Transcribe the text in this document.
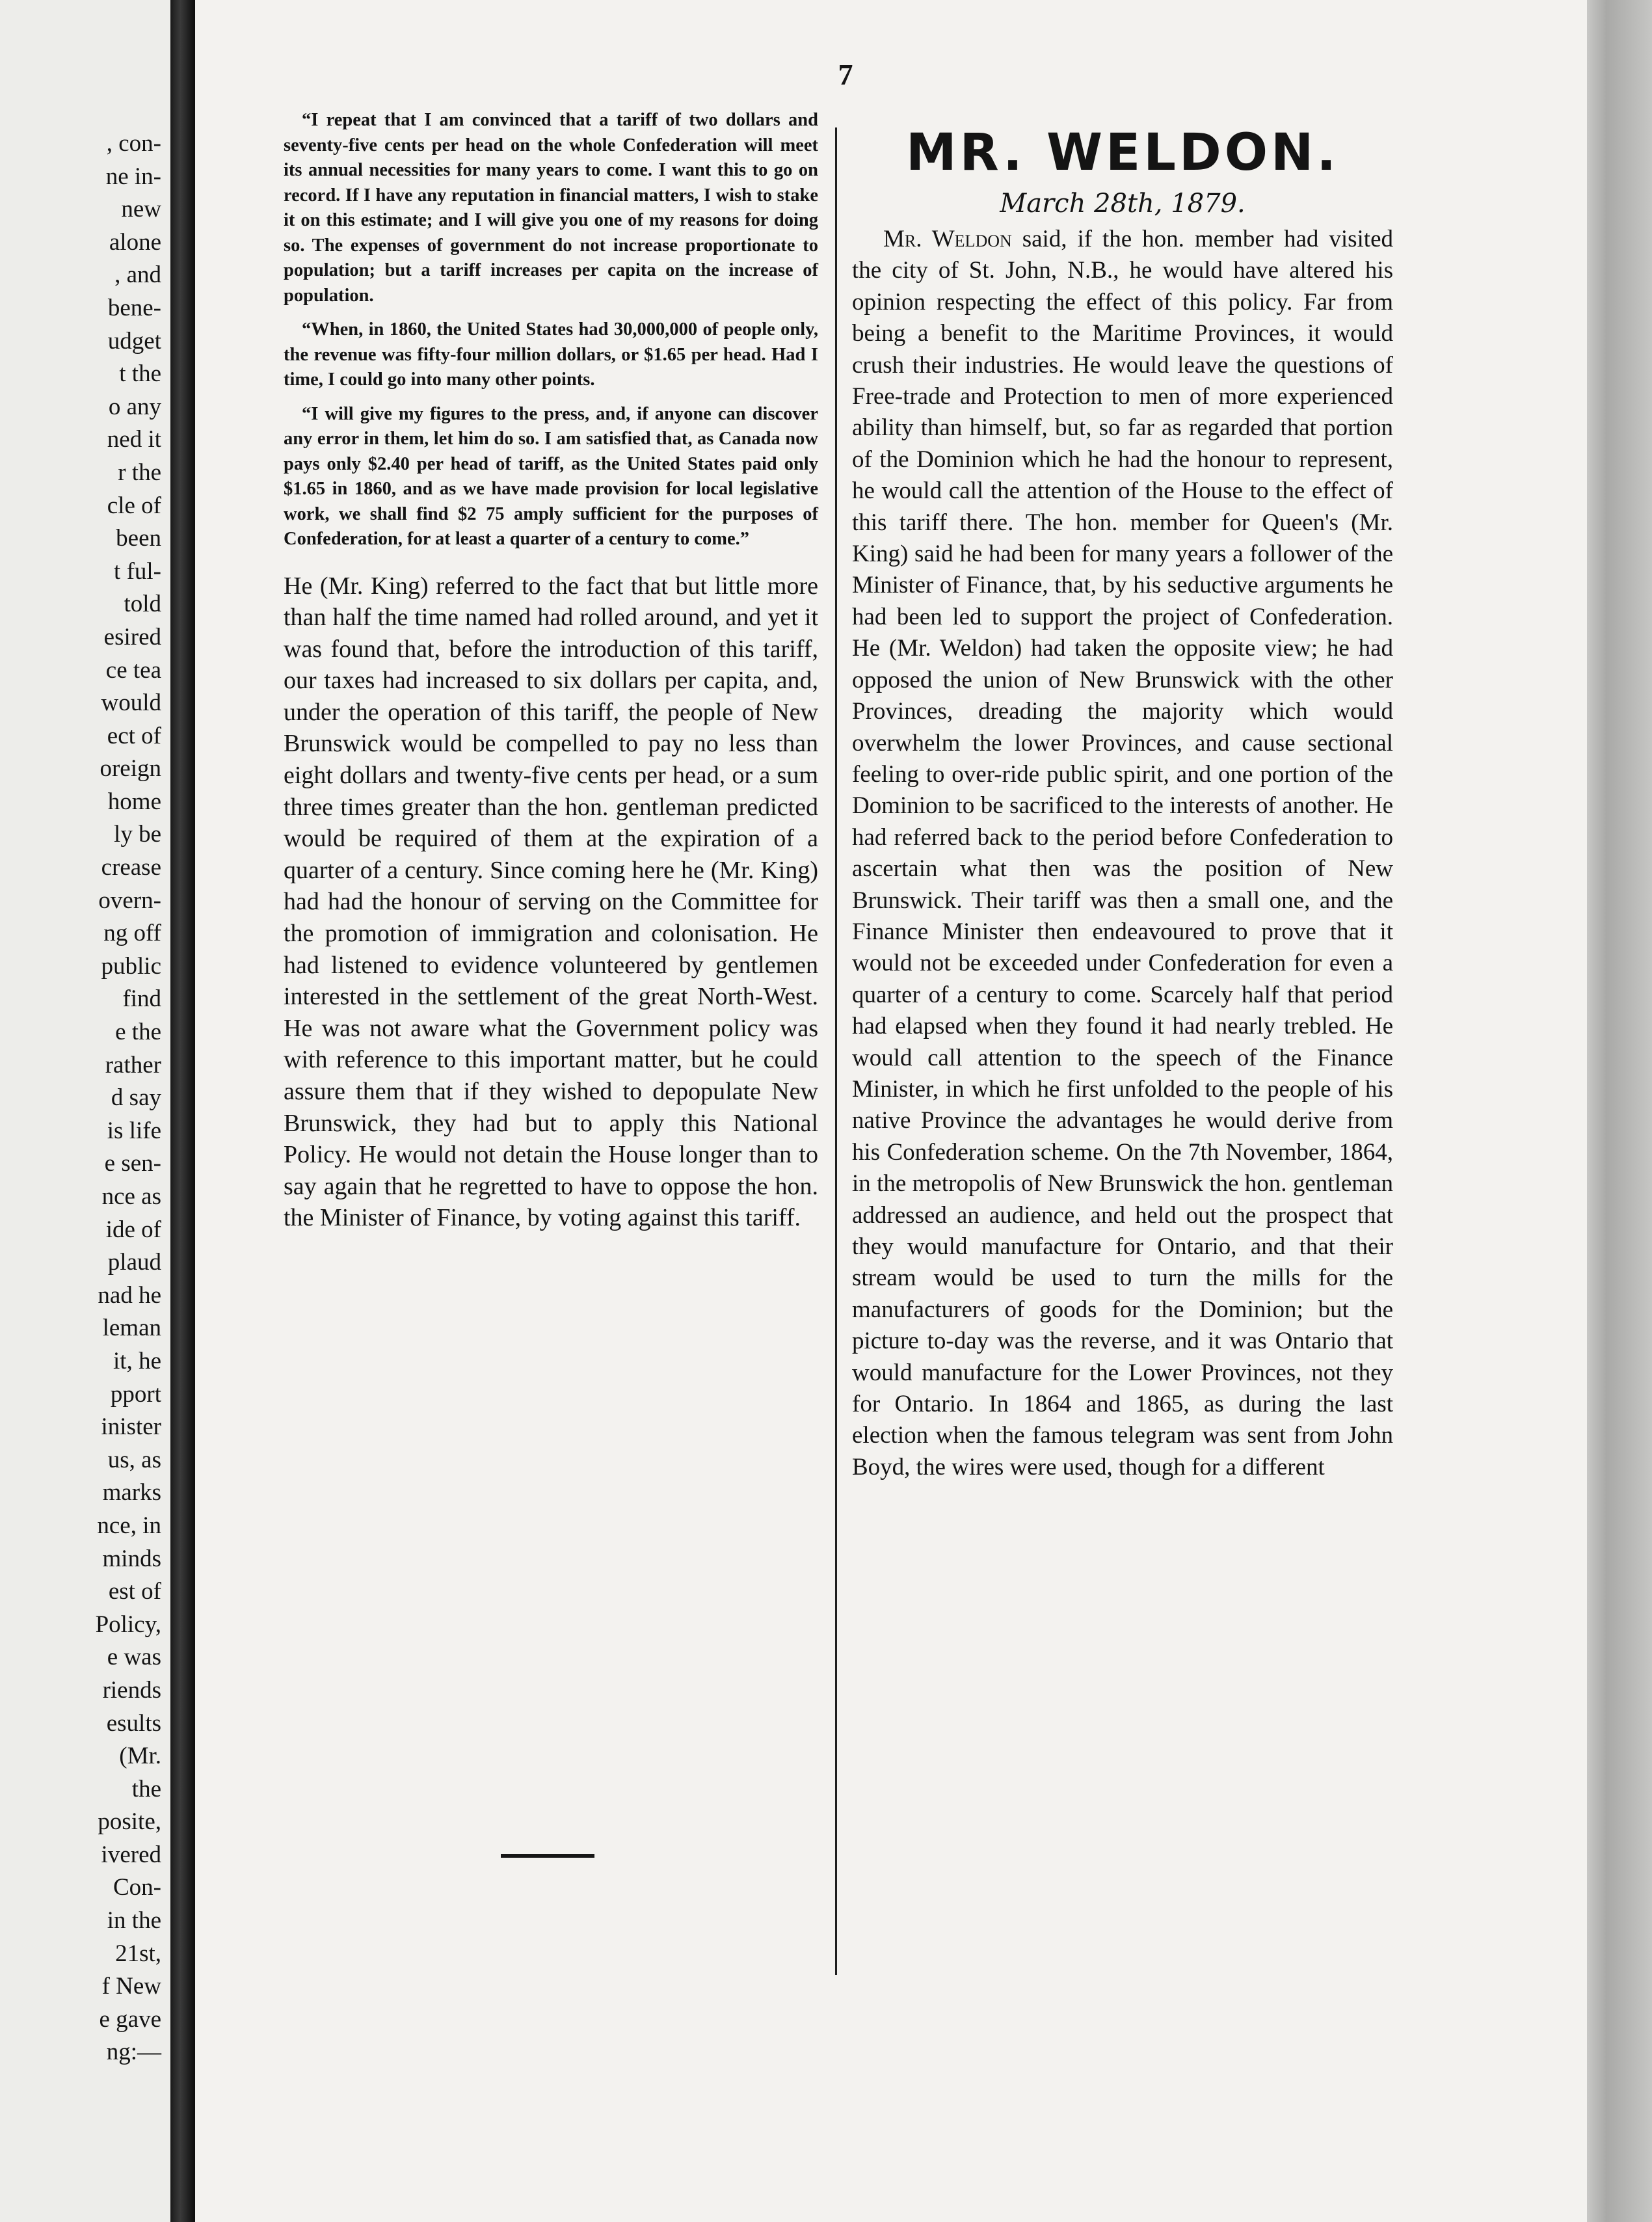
, con-
ne in-
new
alone
, and
bene-
udget
t the
o any
ned it
r the
cle of
been
t ful-
told
esired
ce tea
would
ect of
oreign
home
ly be
crease
overn-
ng off
public
find
e the
rather
d say
is life
e sen-
nce as
ide of
plaud
nad he
leman
it, he
pport
inister
us, as
marks
nce, in
minds
est of
Policy,
e was
riends
esults
(Mr.
the
posite,
ivered
Con-
in the
21st,
f New
e gave
ng:—
7

“I repeat that I am convinced that a tariff of two dollars and seventy-five cents per head on the whole Confederation will meet its annual necessities for many years to come. I want this to go on record. If I have any reputation in financial matters, I wish to stake it on this estimate; and I will give you one of my reasons for doing so. The expenses of government do not increase proportionate to population; but a tariff increases per capita on the increase of population.

“When, in 1860, the United States had 30,000,000 of people only, the revenue was fifty-four million dollars, or $1.65 per head. Had I time, I could go into many other points.

“I will give my figures to the press, and, if anyone can discover any error in them, let him do so. I am satisfied that, as Canada now pays only $2.40 per head of tariff, as the United States paid only $1.65 in 1860, and as we have made provision for local legislative work, we shall find $2 75 amply sufficient for the purposes of Confederation, for at least a quarter of a century to come.”

He (Mr. King) referred to the fact that but little more than half the time named had rolled around, and yet it was found that, before the introduction of this tariff, our taxes had increased to six dollars per capita, and, under the operation of this tariff, the people of New Brunswick would be compelled to pay no less than eight dollars and twenty-five cents per head, or a sum three times greater than the hon. gentleman predicted would be required of them at the expiration of a quarter of a century. Since coming here he (Mr. King) had had the honour of serving on the Committee for the promotion of immigration and colonisation. He had listened to evidence volunteered by gentlemen interested in the settlement of the great North-West. He was not aware what the Government policy was with reference to this important matter, but he could assure them that if they wished to depopulate New Brunswick, they had but to apply this National Policy. He would not detain the House longer than to say again that he regretted to have to oppose the hon. the Minister of Finance, by voting against this tariff.

MR. WELDON.
March 28th, 1879.

Mr. Weldon said, if the hon. member had visited the city of St. John, N.B., he would have altered his opinion respecting the effect of this policy. Far from being a benefit to the Maritime Provinces, it would crush their industries. He would leave the questions of Free-trade and Protection to men of more experienced ability than himself, but, so far as regarded that portion of the Dominion which he had the honour to represent, he would call the attention of the House to the effect of this tariff there. The hon. member for Queen's (Mr. King) said he had been for many years a follower of the Minister of Finance, that, by his seductive arguments he had been led to support the project of Confederation. He (Mr. Weldon) had taken the opposite view; he had opposed the union of New Brunswick with the other Provinces, dreading the majority which would overwhelm the lower Provinces, and cause sectional feeling to over-ride public spirit, and one portion of the Dominion to be sacrificed to the interests of another. He had referred back to the period before Confederation to ascertain what then was the position of New Brunswick. Their tariff was then a small one, and the Finance Minister then endeavoured to prove that it would not be exceeded under Confederation for even a quarter of a century to come. Scarcely half that period had elapsed when they found it had nearly trebled. He would call attention to the speech of the Finance Minister, in which he first unfolded to the people of his native Province the advantages he would derive from his Confederation scheme. On the 7th November, 1864, in the metropolis of New Brunswick the hon. gentleman addressed an audience, and held out the prospect that they would manufacture for Ontario, and that their stream would be used to turn the mills for the manufacturers of goods for the Dominion; but the picture to-day was the reverse, and it was Ontario that would manufacture for the Lower Provinces, not they for Ontario. In 1864 and 1865, as during the last election when the famous telegram was sent from John Boyd, the wires were used, though for a different
